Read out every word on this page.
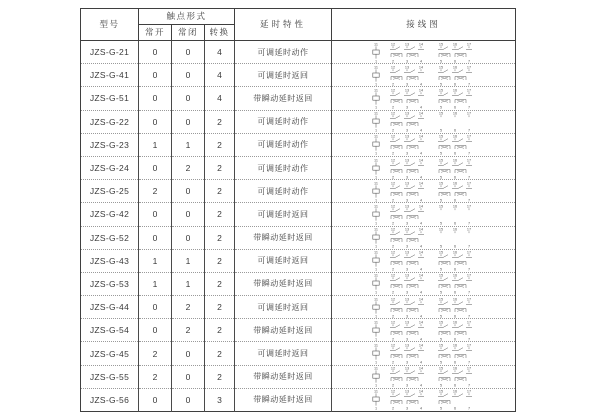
型号	触点形式			延时特性	接线图
	常开	常闭	转换		
JZS-G-21	0	0	4	可调延时动作	
11	12	13	14	15	16	17
1	2	3	4	5	6	7

JZS-G-41	0	0	4	可调延时返回	
11	12	13	14	15	16	17
1	2	3	4	5	6	7

JZS-G-51	0	0	4	带瞬动延时返回	
11	12	13	14	15	16	17
1	2	3	4	5	6	7

JZS-G-22	0	0	2	可调延时动作	
11	12	13	14	15	16	17
1	2	3	4	5	6	7

JZS-G-23	1	1	2	可调延时动作	
11	12	13	14	15	16	17
1	2	3	4	5	6	7

JZS-G-24	0	2	2	可调延时动作	
11	12	13	14	15	16	17
1	2	3	4	5	6	7

JZS-G-25	2	0	2	可调延时动作	
11	12	13	14	15	16	17
1	2	3	4	5	6	7

JZS-G-42	0	0	2	可调延时返回	
11	12	13	14	15	16	17
1	2	3	4	5	6	7

JZS-G-52	0	0	2	带瞬动延时返回	
11	12	13	14	15	16	17
1	2	3	4	5	6	7

JZS-G-43	1	1	2	可调延时返回	
11	12	13	14	15	16	17
1	2	3	4	5	6	7

JZS-G-53	1	1	2	带瞬动延时返回	
11	12	13	14	15	16	17
1	2	3	4	5	6	7

JZS-G-44	0	2	2	可调延时返回	
11	12	13	14	15	16	17
1	2	3	4	5	6	7

JZS-G-54	0	2	2	带瞬动延时返回	
11	12	13	14	15	16	17
1	2	3	4	5	6	7

JZS-G-45	2	0	2	可调延时返回	
11	12	13	14	15	16	17
1	2	3	4	5	6	7

JZS-G-55	2	0	2	带瞬动延时返回	
11	12	13	14	15	16	17
1	2	3	4	5	6	7

JZS-G-56	0	0	3	带瞬动延时返回	
11	12	13	14	15	16	17
1	2	3	4	5	6	7
